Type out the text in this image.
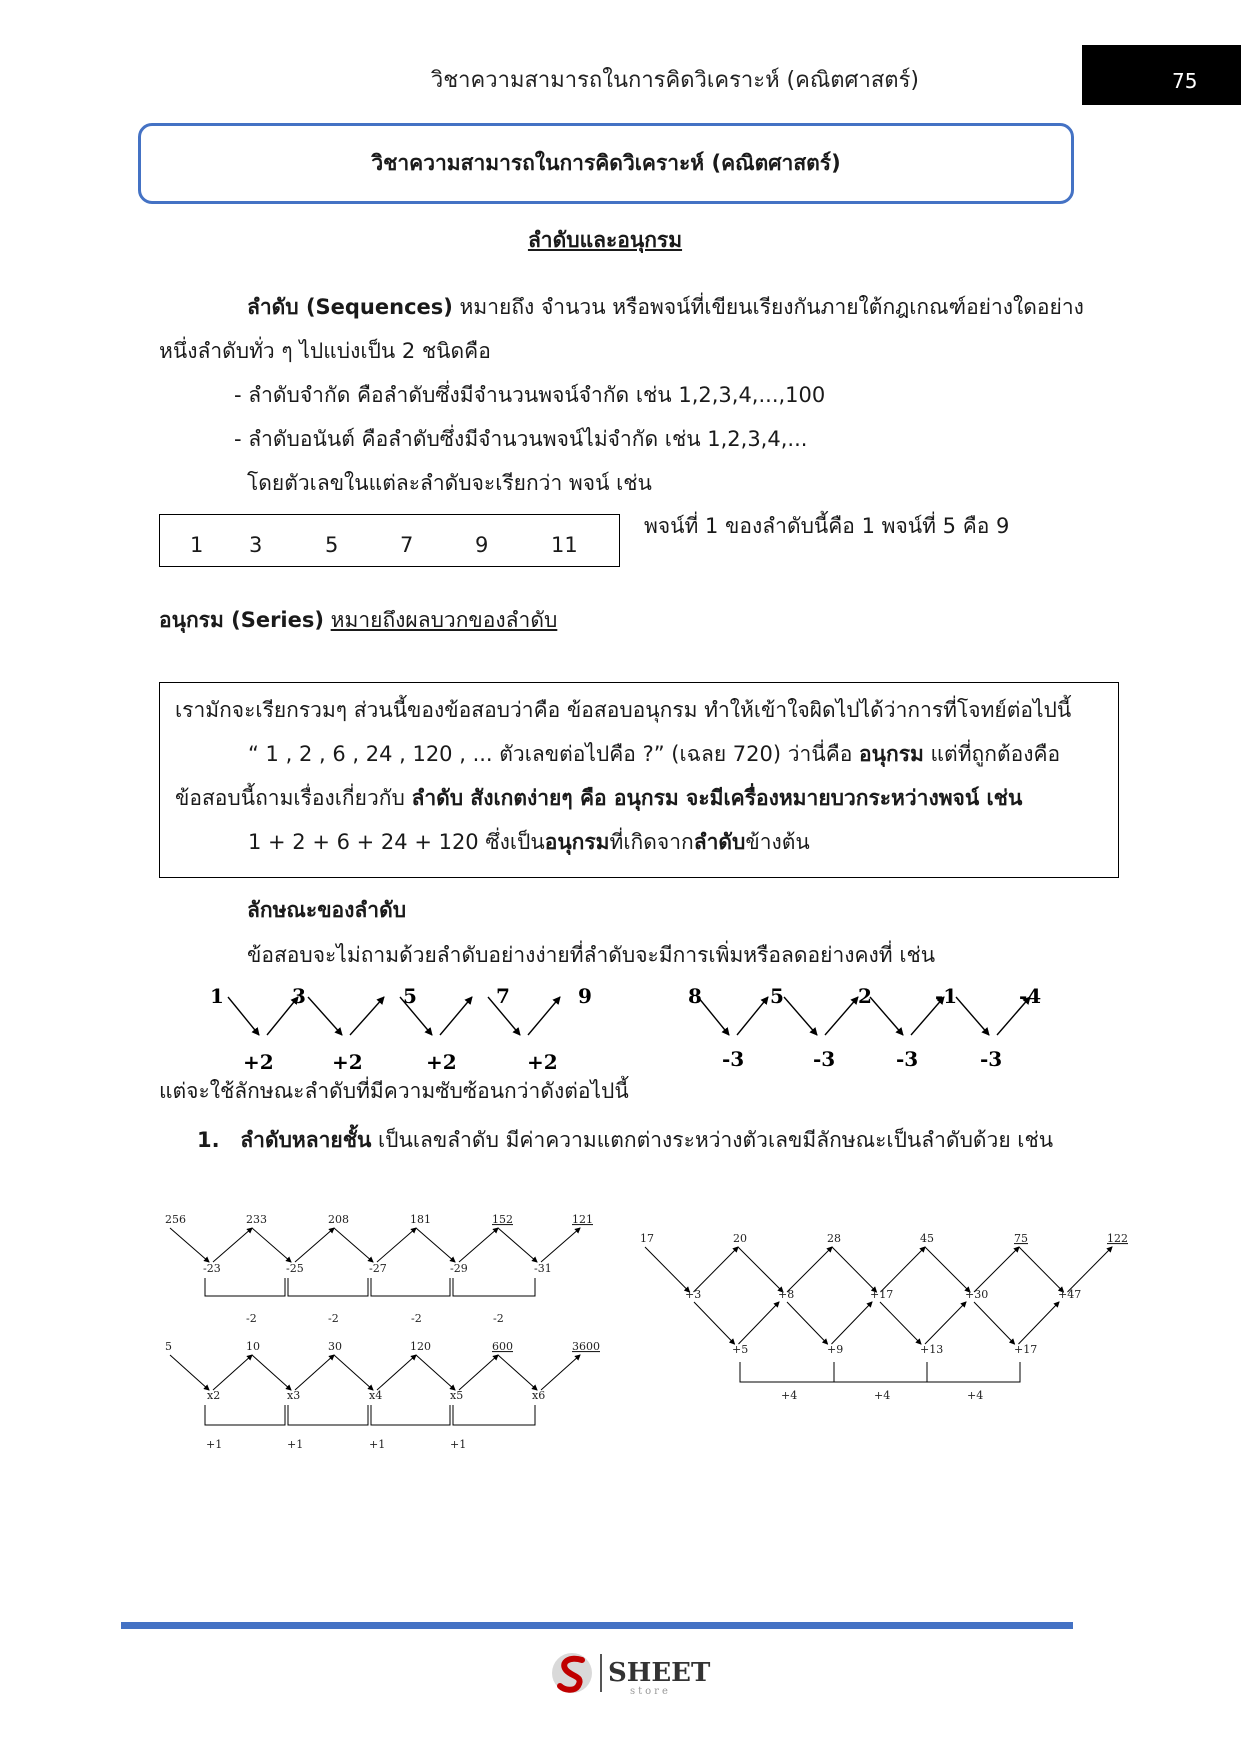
วิชาความสามารถในการคิดวิเคราะห์ (คณิตศาสตร์)	75
วิชาความสามารถในการคิดวิเคราะห์ (คณิตศาสตร์)
ลำดับและอนุกรม
ลำดับ (Sequences) หมายถึง จำนวน หรือพจน์ที่เขียนเรียงกันภายใต้กฎเกณฑ์อย่างใดอย่าง
หนึ่งลำดับทั่ว ๆ ไปแบ่งเป็น 2 ชนิดคือ
- ลำดับจำกัด คือลำดับซึ่งมีจำนวนพจน์จำกัด เช่น 1,2,3,4,...,100
- ลำดับอนันต์ คือลำดับซึ่งมีจำนวนพจน์ไม่จำกัด เช่น 1,2,3,4,...
โดยตัวเลขในแต่ละลำดับจะเรียกว่า พจน์ เช่น
1 3	5	7	9	11
พจน์ที่ 1 ของลำดับนี้คือ 1 พจน์ที่ 5 คือ 9
อนุกรม (Series) หมายถึงผลบวกของลำดับ
เรามักจะเรียกรวมๆ ส่วนนี้ของข้อสอบว่าคือ ข้อสอบอนุกรม ทำให้เข้าใจผิดไปได้ว่าการที่โจทย์ต่อไปนี้
“ 1 , 2 , 6 , 24 , 120 , ... ตัวเลขต่อไปคือ ?” (เฉลย 720) ว่านี่คือ อนุกรม แต่ที่ถูกต้องคือ
ข้อสอบนี้ถามเรื่องเกี่ยวกับ ลำดับ สังเกตง่ายๆ คือ อนุกรม จะมีเครื่องหมายบวกระหว่างพจน์ เช่น
1 + 2 + 6 + 24 + 120 ซึ่งเป็นอนุกรมที่เกิดจากลำดับข้างต้น
ลักษณะของลำดับ
ข้อสอบจะไม่ถามด้วยลำดับอย่างง่ายที่ลำดับจะมีการเพิ่มหรือลดอย่างคงที่ เช่น
1	3	5	7	9
+2	+2	+2	+2
8	5	2	-1	-4
-3	-3	-3	-3
แต่จะใช้ลักษณะลำดับที่มีความซับซ้อนกว่าดังต่อไปนี้
1. ลำดับหลายชั้น เป็นเลขลำดับ มีค่าความแตกต่างระหว่างตัวเลขมีลักษณะเป็นลำดับด้วย เช่น
256	233	208	181	152	121
-23	-25	-27	-29	-31
-2	-2	-2	-2
5	10	30	120	600	3600
x2	x3	x4	x5	x6
+1	+1	+1	+1
17	20	28	45	75	122
+3	+8	+17	+30	+47
+5	+9	+13	+17
+4	+4	+4
SHEET
store
